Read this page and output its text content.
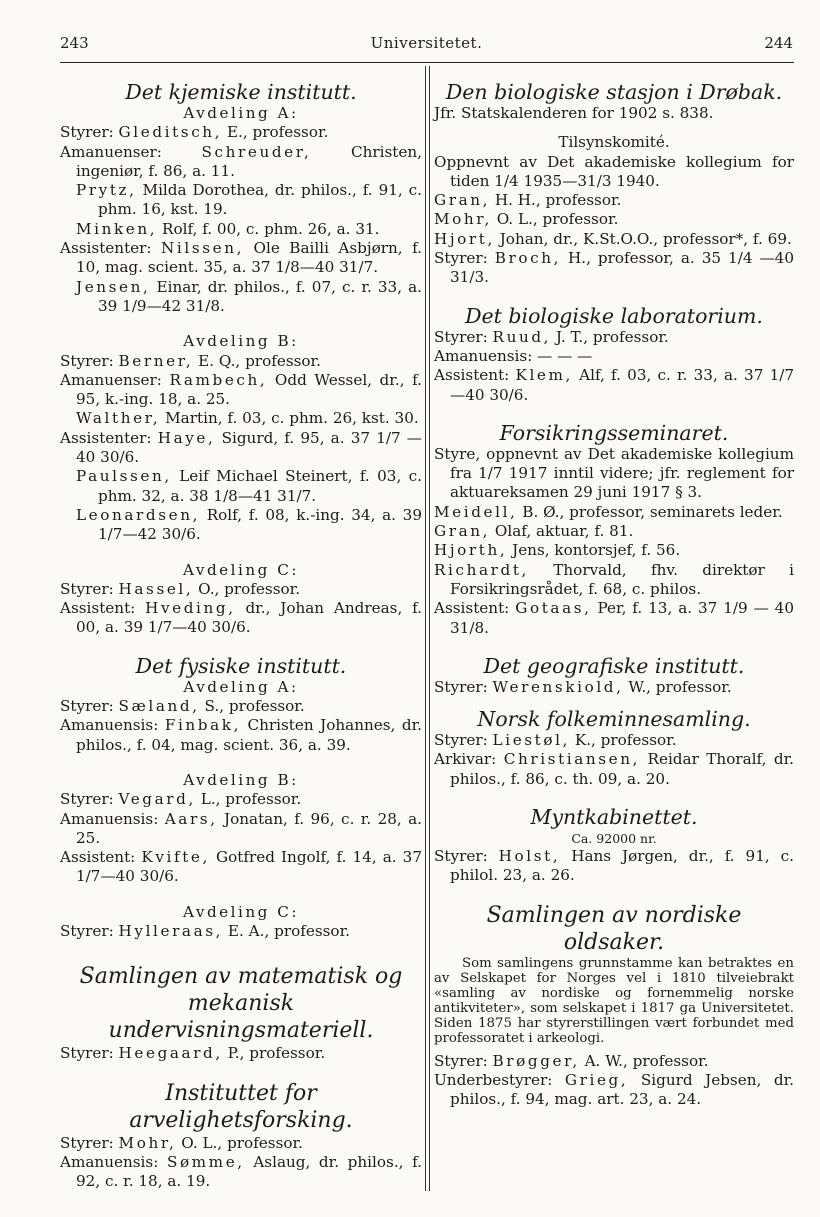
243	Universitetet.	244

Det kjemiske institutt.

Avdeling A:

Styrer: Gleditsch, E., professor.

Amanuenser:	Schreuder, Christen, ingeniør, f. 86, a. 11.

Prytz, Milda Dorothea, dr. philos., f. 91, c. phm. 16, kst. 19.

Minken, Rolf, f. 00, c. phm. 26, a. 31.

Assistenter: Nilssen, Ole Bailli Asbjørn, f. 10, mag. scient. 35, a. 37 1/8—40 31/7.

Jensen, Einar, dr. philos., f. 07, c. r. 33, a. 39 1/9—42 31/8.

Avdeling B:

Styrer: Berner, E. Q., professor.

Amanuenser: Rambech, Odd Wessel, dr., f. 95, k.-ing. 18, a. 25.

Walther, Martin, f. 03, c. phm. 26, kst. 30.

Assistenter: Haye, Sigurd, f. 95, a. 37 1/7 —40 30/6.

Paulssen, Leif Michael Steinert, f. 03, c. phm. 32, a. 38 1/8—41 31/7.

Leonardsen, Rolf, f. 08, k.-ing. 34, a. 39 1/7—42 30/6.

Avdeling C:

Styrer: Hassel, O., professor.

Assistent: Hveding, dr., Johan Andreas, f. 00, a. 39 1/7—40 30/6.

Det fysiske institutt.

Avdeling A:

Styrer: Sæland, S., professor.

Amanuensis: Finbak, Christen Johannes, dr. philos., f. 04, mag. scient. 36, a. 39.

Avdeling B:

Styrer: Vegard, L., professor.

Amanuensis: Aars, Jonatan, f. 96, c. r. 28, a. 25.

Assistent: Kvifte, Gotfred Ingolf, f. 14, a. 37 1/7—40 30/6.

Avdeling C:

Styrer: Hylleraas, E. A., professor.

Samlingen av matematisk og

mekanisk undervisningsmateriell.

Styrer: Heegaard, P., professor.

Instituttet for arvelighetsforsking.

Styrer: Mohr, O. L., professor.

Amanuensis: Sømme, Aslaug, dr. philos., f. 92, c. r. 18, a. 19.

Den biologiske stasjon i Drøbak.

Jfr. Statskalenderen for 1902 s. 838.

Tilsynskomité.

Oppnevnt av Det akademiske kollegium for tiden 1/4 1935—31/3 1940.

Gran, H. H., professor.

Mohr, O. L., professor.

Hjort, Johan, dr., K.St.O.O., professor*, f. 69.

Styrer: Broch, H., professor, a. 35 1/4 —40 31/3.

Det biologiske laboratorium.

Styrer: Ruud, J. T., professor.

Amanuensis: — — —

Assistent: Klem, Alf, f. 03, c. r. 33, a. 37 1/7—40 30/6.

Forsikringsseminaret.

Styre, oppnevnt av Det akademiske kollegium fra 1/7 1917 inntil videre; jfr. reglement for aktuareksamen 29 juni 1917 § 3.

Meidell, B. Ø., professor, seminarets leder.

Gran, Olaf, aktuar, f. 81.

Hjorth, Jens, kontorsjef, f. 56.

Richardt, Thorvald, fhv. direktør i Forsikringsrådet, f. 68, c. philos.

Assistent: Gotaas, Per, f. 13, a. 37 1/9 — 40 31/8.

Det geografiske institutt.

Styrer: Werenskiold, W., professor.

Norsk folkeminnesamling.

Styrer: Liestøl, K., professor.

Arkivar: Christiansen, Reidar Thoralf, dr. philos., f. 86, c. th. 09, a. 20.

Myntkabinettet.

Ca. 92000 nr.

Styrer: Holst, Hans Jørgen, dr., f. 91, c. philol. 23, a. 26.

Samlingen av nordiske oldsaker.

Som samlingens grunnstamme kan betraktes en av Selskapet for Norges vel i 1810 tilveiebrakt «samling av nordiske og fornemmelig norske antikviteter», som selskapet i 1817 ga Universitetet. Siden 1875 har styrerstillingen vært forbundet med professoratet i arkeologi.

Styrer: Brøgger, A. W., professor.

Underbestyrer: Grieg, Sigurd Jebsen, dr. philos., f. 94, mag. art. 23, a. 24.
